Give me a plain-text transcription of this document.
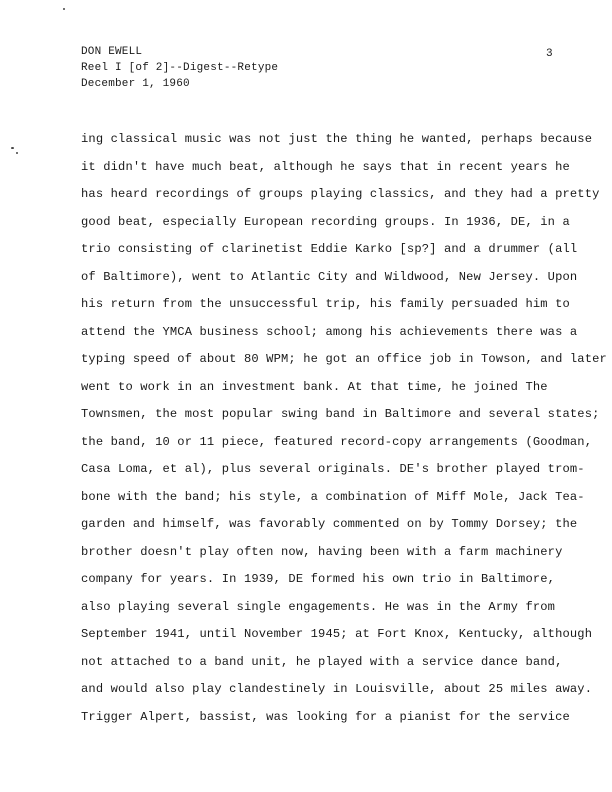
DON EWELL
Reel I [of 2]--Digest--Retype
December 1, 1960
3
ing classical music was not just the thing he wanted, perhaps because
it didn't have much beat, although he says that in recent years he
has heard recordings of groups playing classics, and they had a pretty
good beat, especially European recording groups. In 1936, DE, in a
trio consisting of clarinetist Eddie Karko [sp?] and a drummer (all
of Baltimore), went to Atlantic City and Wildwood, New Jersey. Upon
his return from the unsuccessful trip, his family persuaded him to
attend the YMCA business school; among his achievements there was a
typing speed of about 80 WPM; he got an office job in Towson, and later
went to work in an investment bank. At that time, he joined The
Townsmen, the most popular swing band in Baltimore and several states;
the band, 10 or 11 piece, featured record-copy arrangements (Goodman,
Casa Loma, et al), plus several originals. DE's brother played trom-
bone with the band; his style, a combination of Miff Mole, Jack Tea-
garden and himself, was favorably commented on by Tommy Dorsey; the
brother doesn't play often now, having been with a farm machinery
company for years. In 1939, DE formed his own trio in Baltimore,
also playing several single engagements. He was in the Army from
September 1941, until November 1945; at Fort Knox, Kentucky, although
not attached to a band unit, he played with a service dance band,
and would also play clandestinely in Louisville, about 25 miles away.
Trigger Alpert, bassist, was looking for a pianist for the service
